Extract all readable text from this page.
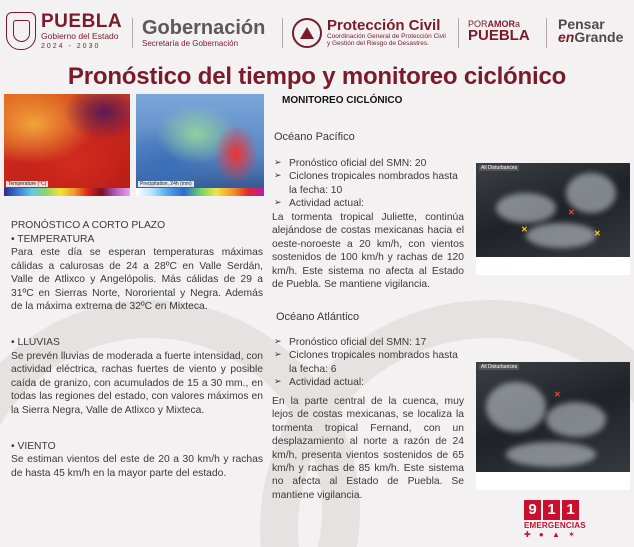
PUEBLA
Gobierno del Estado
2024 - 2030
Gobernación
Secretaría de Gobernación
Protección Civil
Coordinación General de Protección Civil
y Gestión del Riesgo de Desastres.
PORAMORa
PUEBLA
Pensar
enGrande
Pronóstico del tiempo y monitoreo ciclónico
Temperature (°C)	Precipitation, 24h (mm)

PRONÓSTICO A CORTO PLAZO

• TEMPERATURA

Para este día se esperan temperaturas máximas cálidas a calurosas de 24 a 28ºC en Valle Serdán, Valle de Atlixco y Angelópolis. Más cálidas de 29 a 31ºC en Sierras Norte, Nororiental y Negra. Además de la máxima extrema de 32ºC en Mixteca.

• LLUVIAS

Se prevén lluvias de moderada a fuerte intensidad, con actividad eléctrica, rachas fuertes de viento y posible caída de granizo, con acumulados de 15 a 30 mm., en todas las regiones del estado, con valores máximos en la Sierra Negra, Valle de Atlixco y Mixteca.

• VIENTO

Se estiman vientos del este de 20 a 30 km/h y rachas de hasta 45 km/h en la mayor parte del estado.

MONITOREO CICLÓNICO
Océano Pacífico
➢ Pronóstico oficial del SMN: 20
➢ Ciclones tropicales nombrados hasta la fecha: 10
➢ Actividad actual:
La tormenta tropical Juliette, continúa alejándose de costas mexicanas hacia el oeste-noroeste a 20 km/h, con vientos sostenidos de 100 km/h y rachas de 120 km/h. Este sistema no afecta al Estado de Puebla. Se mantiene vigilancia.
Océano Atlántico
➢ Pronóstico oficial del SMN: 17
➢ Ciclones tropicales nombrados hasta la fecha: 6
➢ Actividad actual:
En la parte central de la cuenca, muy lejos de costas mexicanas, se localiza la tormenta tropical Fernand, con un desplazamiento al norte a razón de 24 km/h, presenta vientos sostenidos de 65 km/h y rachas de 85 km/h. Este sistema no afecta al Estado de Puebla. Se mantiene vigilancia.
All Disturbances
✕
✕
✕
All Disturbances
✕
9 1 1
EMERGENCIAS
✚ ● ▲ ✶
